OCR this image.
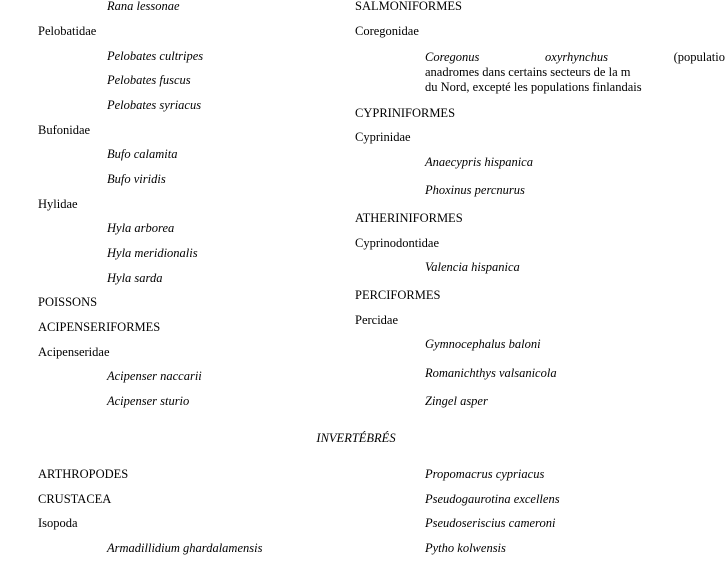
Rana lessonae
Pelobatidae
Pelobates cultripes
Pelobates fuscus
Pelobates syriacus
Bufonidae
Bufo calamita
Bufo viridis
Hylidae
Hyla arborea
Hyla meridionalis
Hyla sarda
POISSONS
ACIPENSERIFORMES
Acipenseridae
Acipenser naccarii
Acipenser sturio
SALMONIFORMES
Coregonidae
Coregonus oxyrhynchus	(populatio
anadromes dans certains secteurs de la m
du Nord, excepté les populations finlandais
CYPRINIFORMES
Cyprinidae
Anaecypris hispanica
Phoxinus percnurus
ATHERINIFORMES
Cyprinodontidae
Valencia hispanica
PERCIFORMES
Percidae
Gymnocephalus baloni
Romanichthys valsanicola
Zingel asper
INVERTÉBRÉS
ARTHROPODES
CRUSTACEA
Isopoda
Armadillidium ghardalamensis
Propomacrus cypriacus
Pseudogaurotina excellens
Pseudoseriscius cameroni
Pytho kolwensis
